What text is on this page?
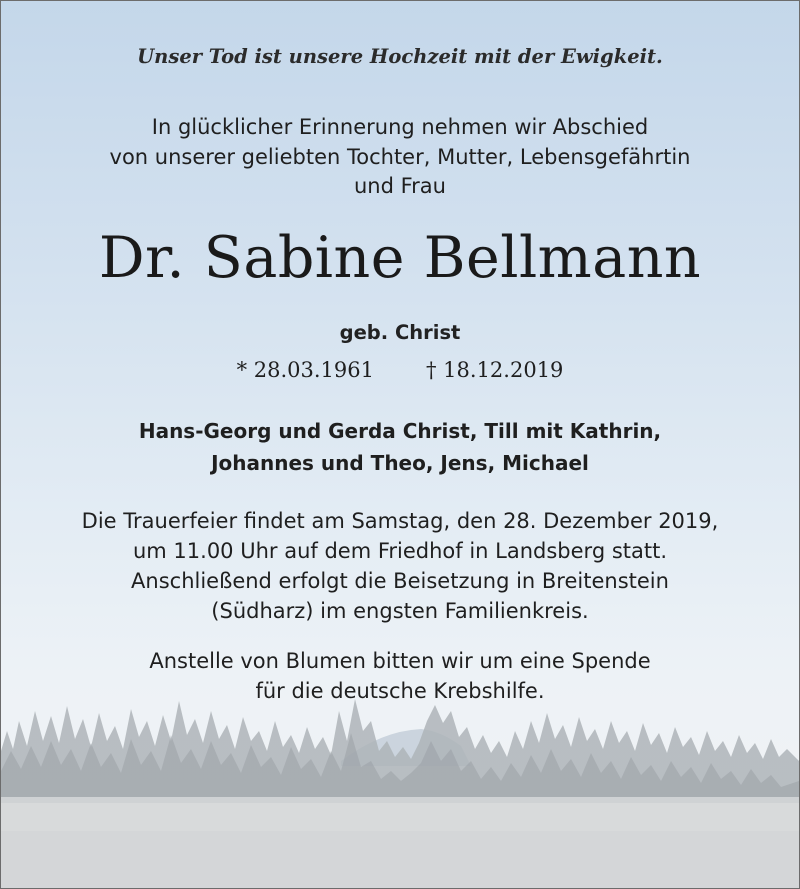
Unser Tod ist unsere Hochzeit mit der Ewigkeit.
In glücklicher Erinnerung nehmen wir Abschied
von unserer geliebten Tochter, Mutter, Lebensgefährtin
und Frau
Dr. Sabine Bellmann
geb. Christ
* 28.03.1961 † 18.12.2019
Hans-Georg und Gerda Christ, Till mit Kathrin,
Johannes und Theo, Jens, Michael
Die Trauerfeier findet am Samstag, den 28. Dezember 2019,
um 11.00 Uhr auf dem Friedhof in Landsberg statt.
Anschließend erfolgt die Beisetzung in Breitenstein
(Südharz) im engsten Familienkreis.
Anstelle von Blumen bitten wir um eine Spende
für die deutsche Krebshilfe.
